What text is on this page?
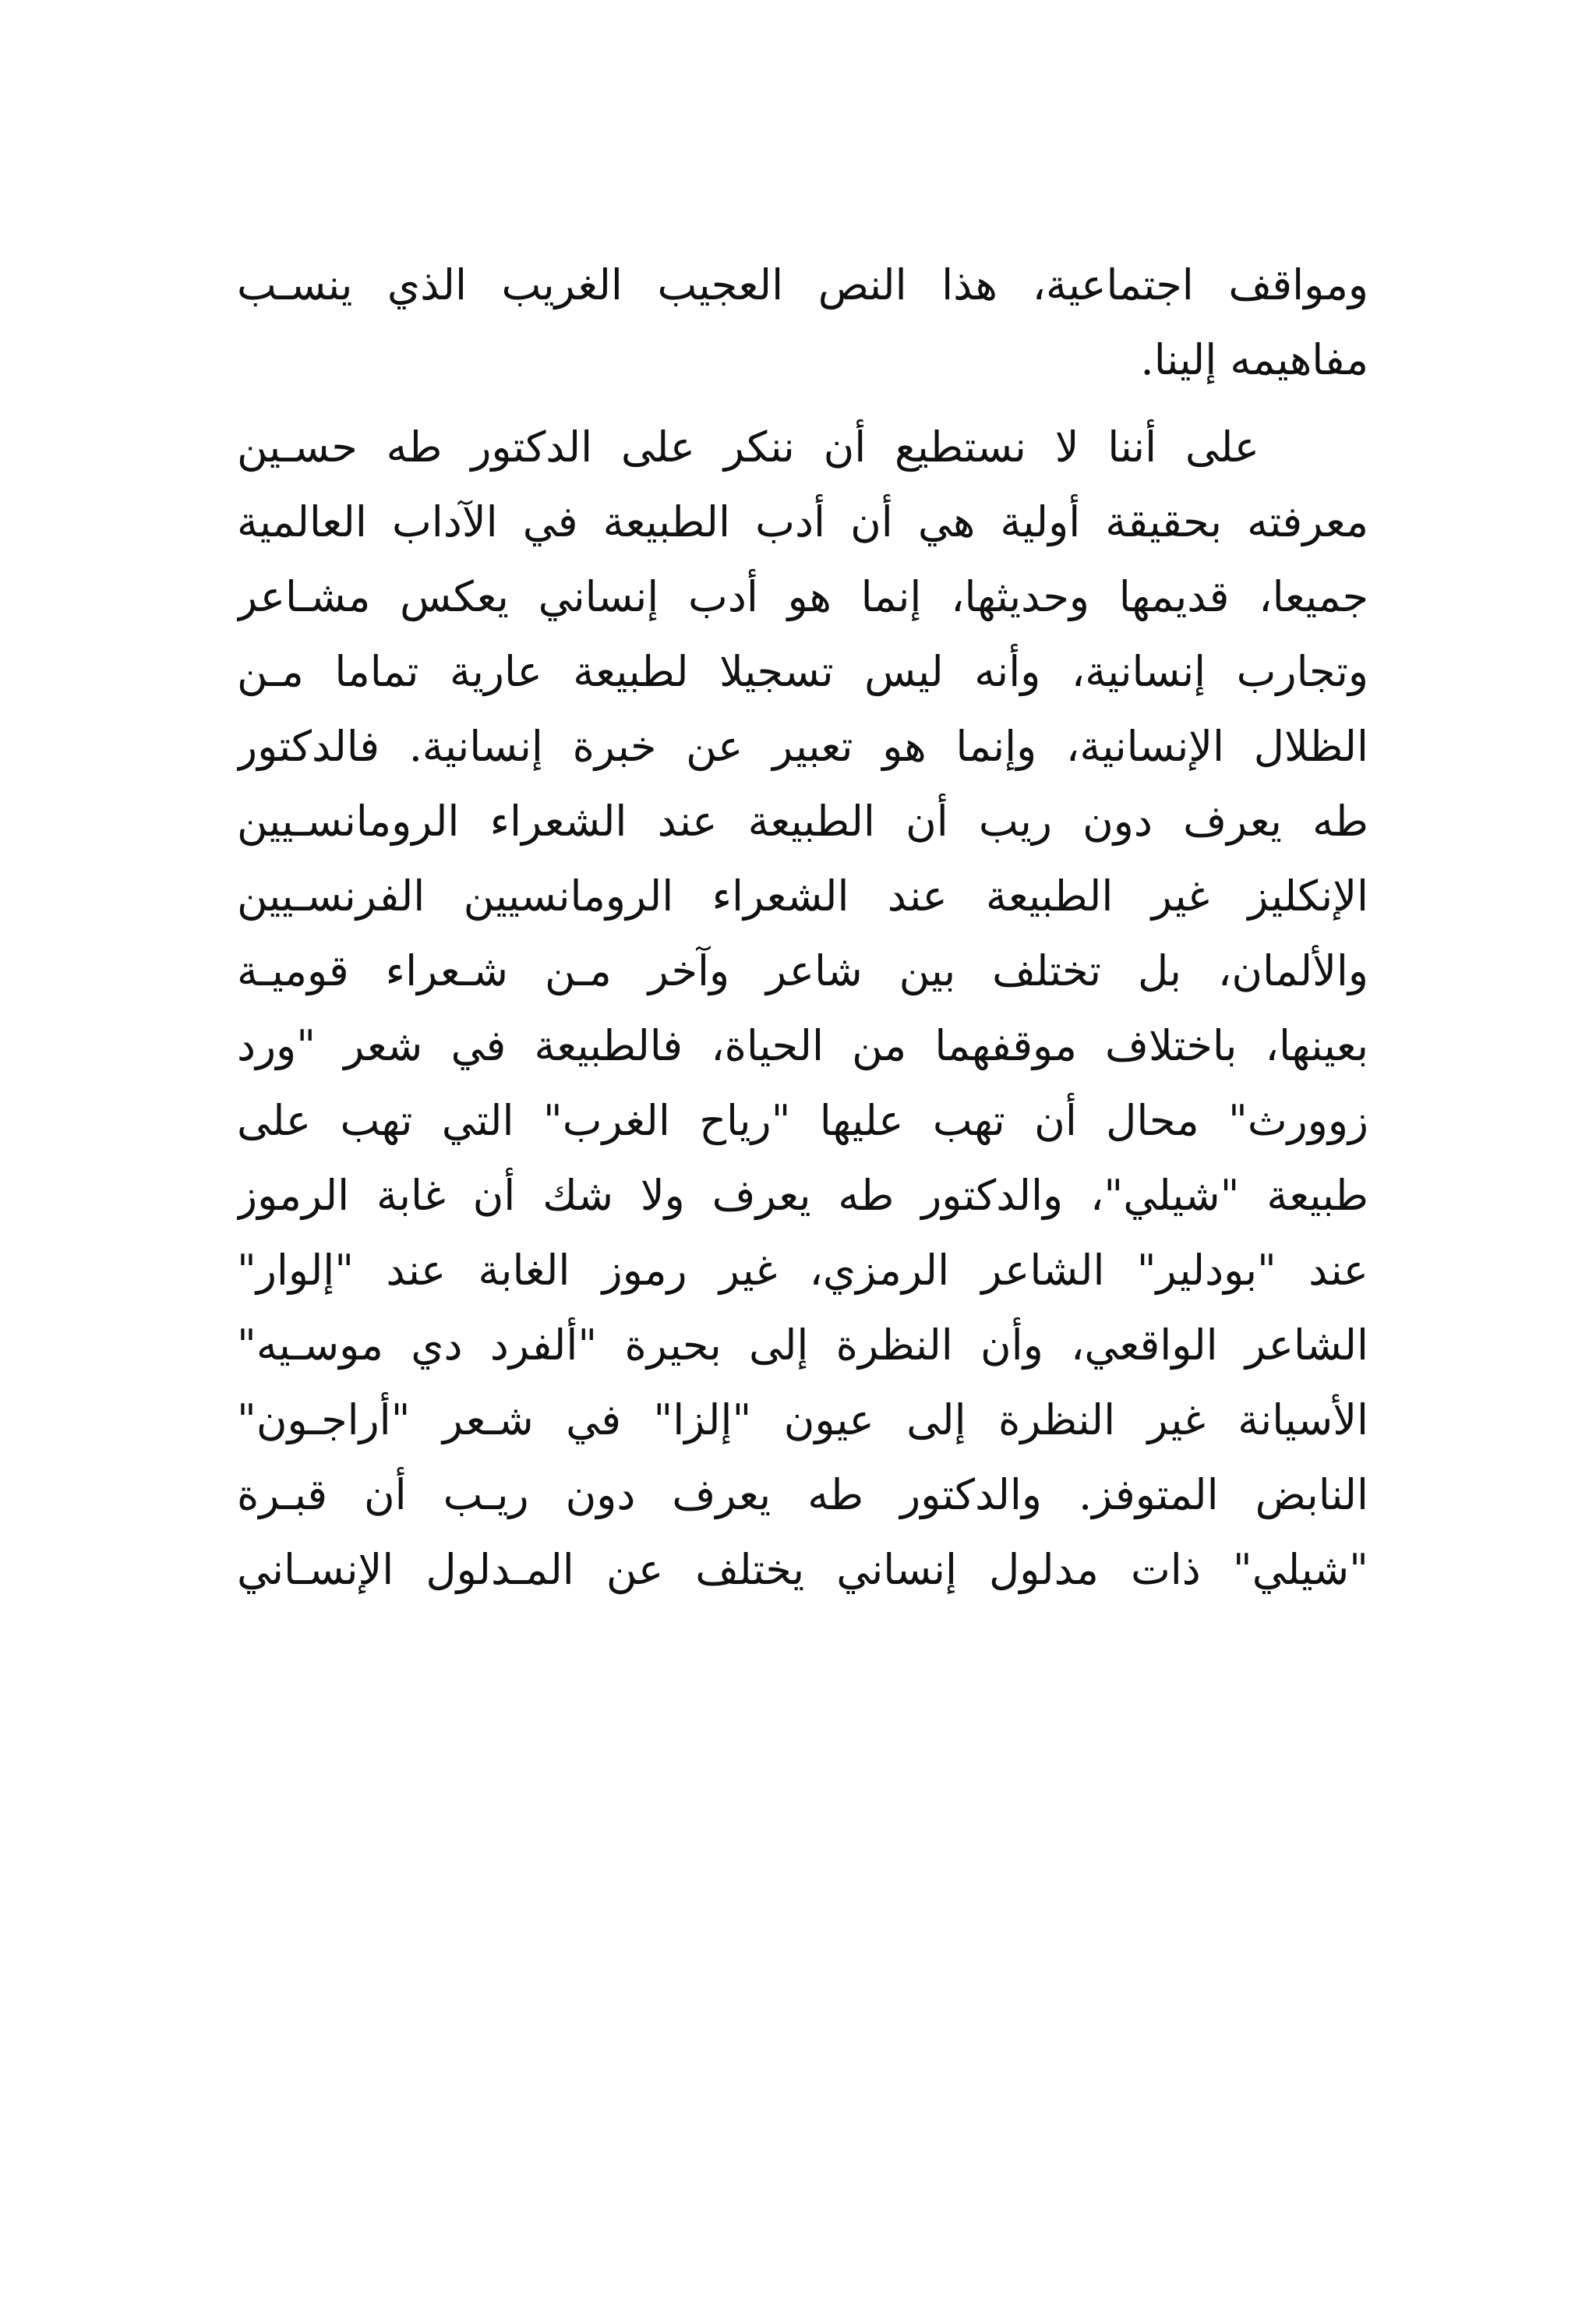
ومواقف اجتماعية، هذا النص العجيب الغريب الذي ينسـب
مفاهيمه إلينا.
على أننا لا نستطيع أن ننكر على الدكتور طه حسـين
معرفته بحقيقة أولية هي أن أدب الطبيعة في الآداب العالمية
جميعا، قديمها وحديثها، إنما هو أدب إنساني يعكس مشـاعر
وتجارب إنسانية، وأنه ليس تسجيلا لطبيعة عارية تماما مـن
الظلال الإنسانية، وإنما هو تعبير عن خبرة إنسانية. فالدكتور
طه يعرف دون ريب أن الطبيعة عند الشعراء الرومانسـيين
الإنكليز غير الطبيعة عند الشعراء الرومانسيين الفرنسـيين
والألمان، بل تختلف بين شاعر وآخر مـن شـعراء قوميـة
بعينها، باختلاف موقفهما من الحياة، فالطبيعة في شعر "ورد
زوورث" محال أن تهب عليها "رياح الغرب" التي تهب على
طبيعة "شيلي"، والدكتور طه يعرف ولا شك أن غابة الرموز
عند "بودلير" الشاعر الرمزي، غير رموز الغابة عند "إلوار"
الشاعر الواقعي، وأن النظرة إلى بحيرة "ألفرد دي موسـيه"
الأسيانة غير النظرة إلى عيون "إلزا" في شـعر "أراجـون"
النابض المتوفز. والدكتور طه يعرف دون ريـب أن قبـرة
"شيلي" ذات مدلول إنساني يختلف عن المـدلول الإنسـاني
